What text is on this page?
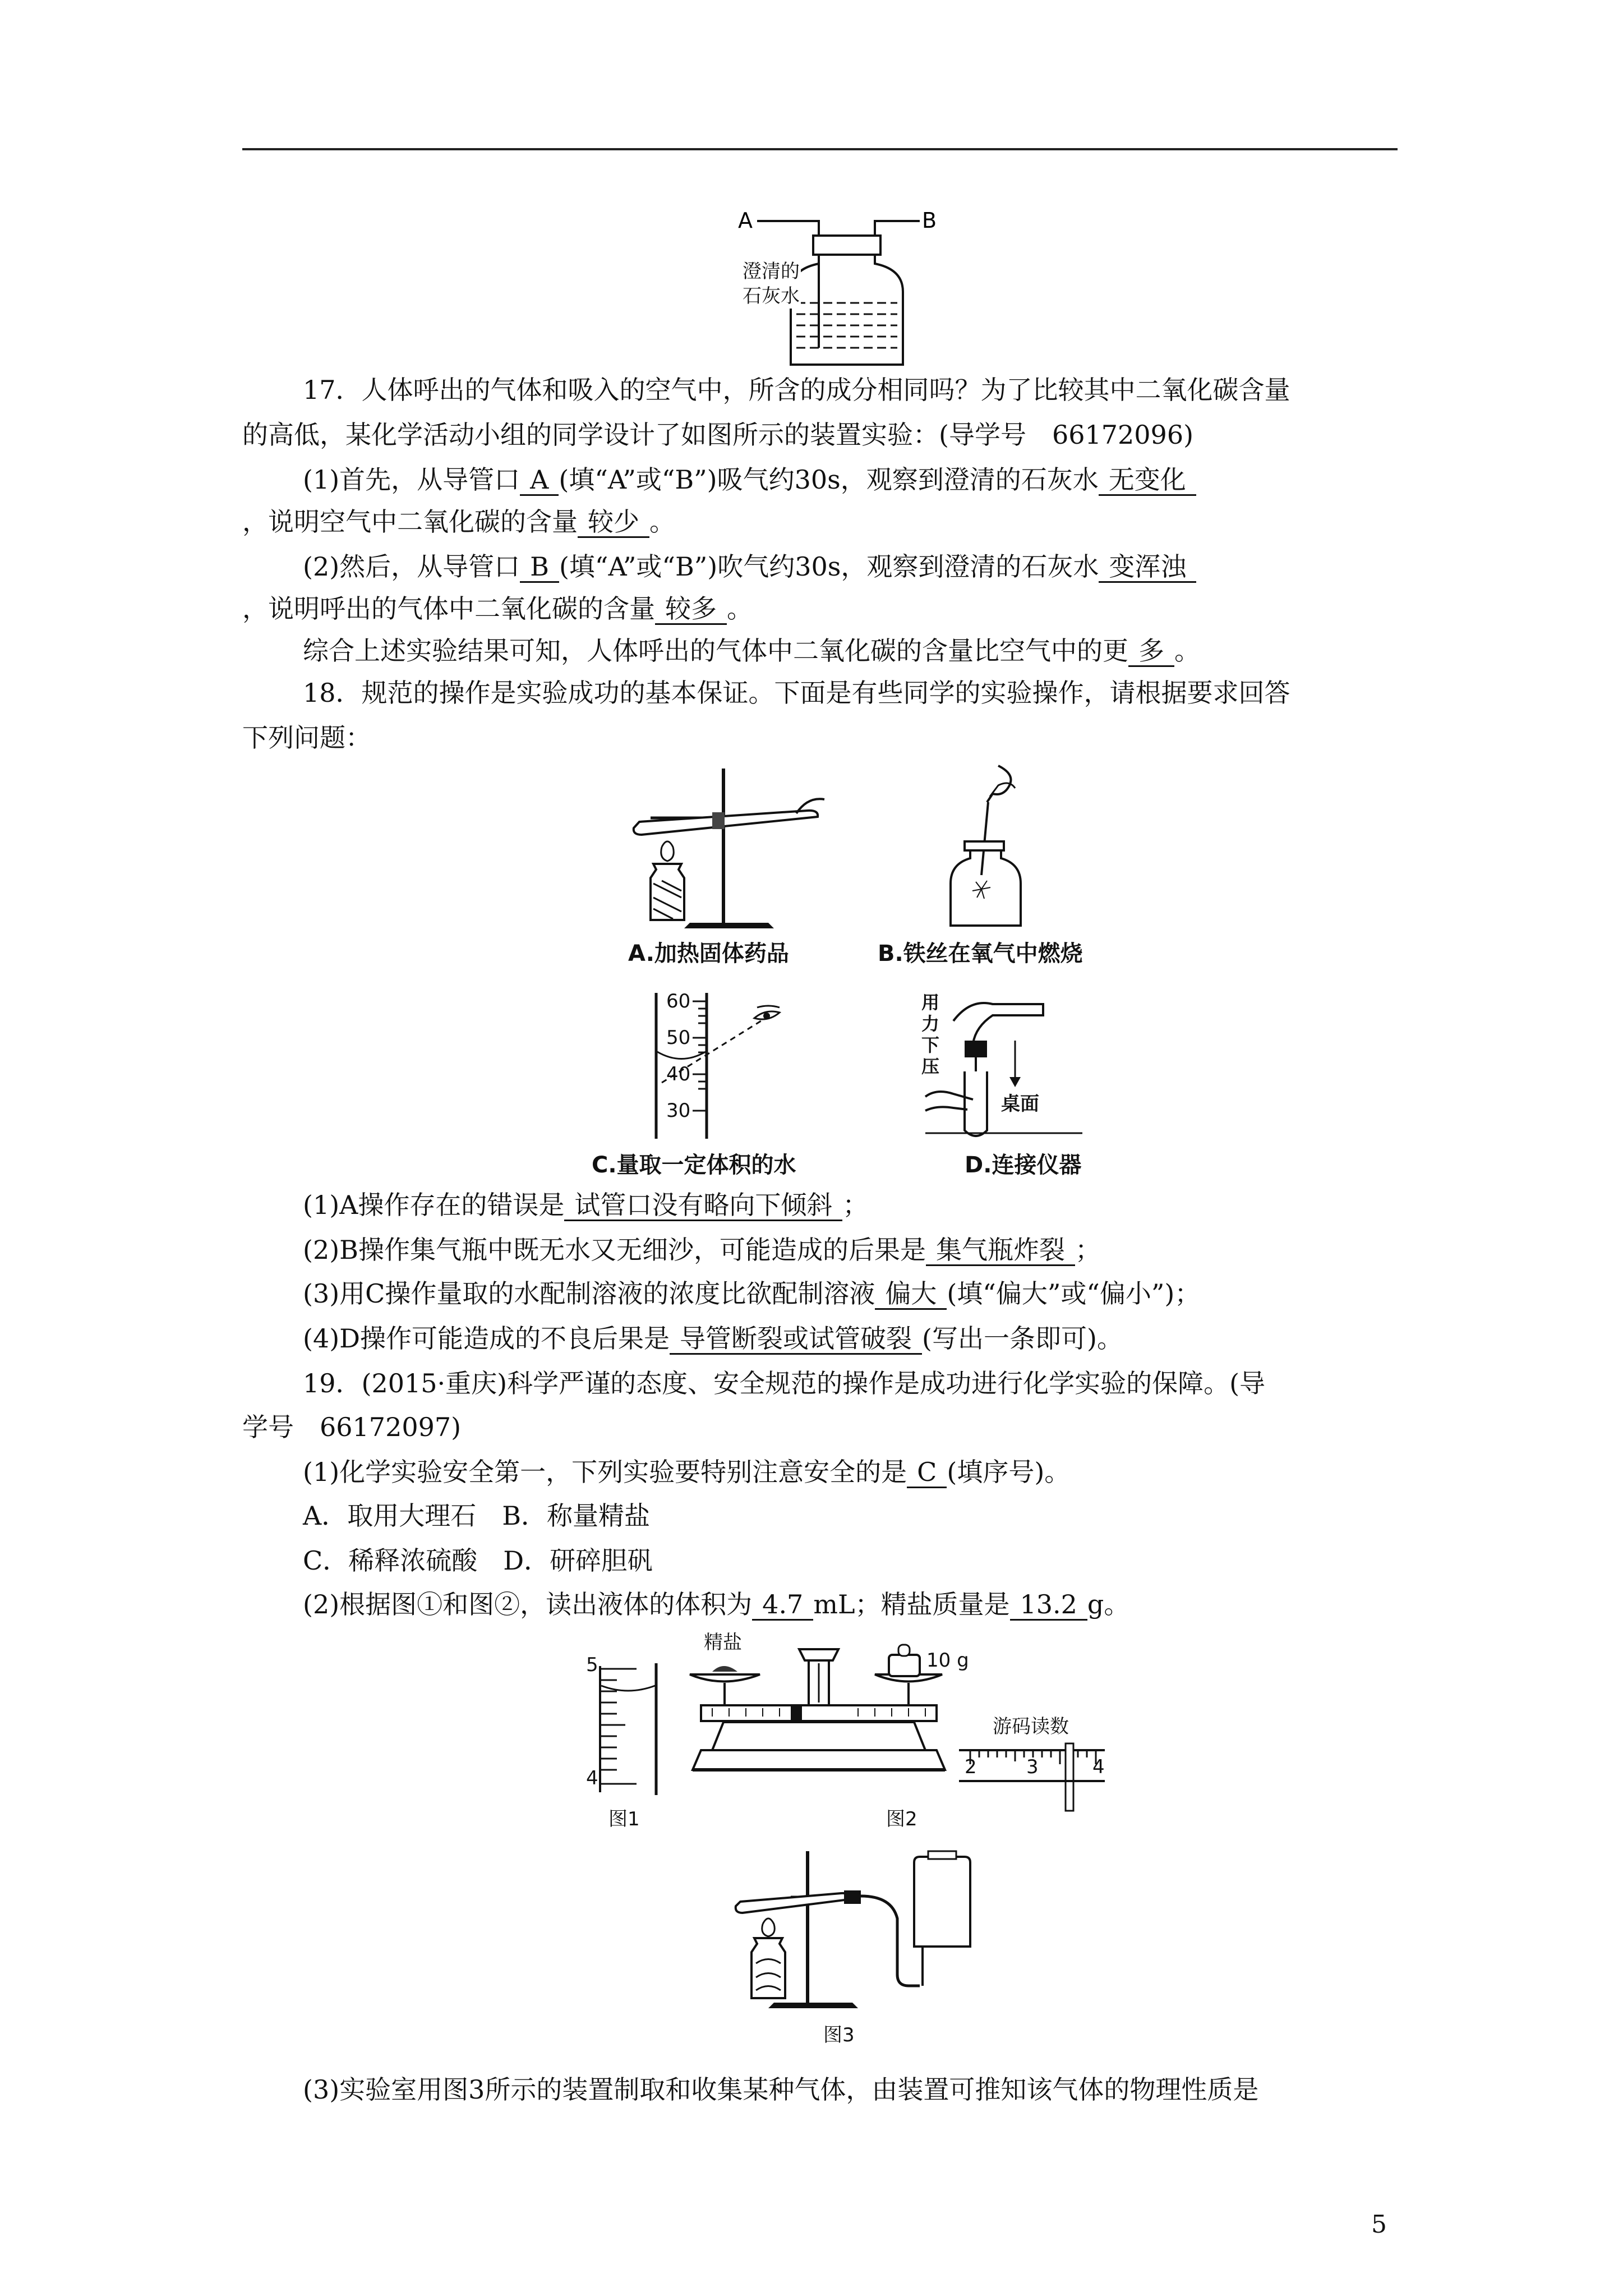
A	B
澄清的
石灰水
17．人体呼出的气体和吸入的空气中，所含的成分相同吗？为了比较其中二氧化碳含量
的高低，某化学活动小组的同学设计了如图所示的装置实验：(导学号　66172096)
(1)首先，从导管口 A (填“A”或“B”)吸气约30s，观察到澄清的石灰水 无变化
，说明空气中二氧化碳的含量 较少 。
(2)然后，从导管口 B (填“A”或“B”)吹气约30s，观察到澄清的石灰水 变浑浊
，说明呼出的气体中二氧化碳的含量 较多 。
综合上述实验结果可知，人体呼出的气体中二氧化碳的含量比空气中的更 多 。
18．规范的操作是实验成功的基本保证。下面是有些同学的实验操作，请根据要求回答
下列问题：
A.加热固体药品	B.铁丝在氧气中燃烧
60
50
40
30
C.量取一定体积的水
用
力
下
压
桌面
D.连接仪器
(1)A操作存在的错误是 试管口没有略向下倾斜 ；
(2)B操作集气瓶中既无水又无细沙，可能造成的后果是 集气瓶炸裂 ；
(3)用C操作量取的水配制溶液的浓度比欲配制溶液 偏大 (填“偏大”或“偏小”)；
(4)D操作可能造成的不良后果是 导管断裂或试管破裂 (写出一条即可)。
19．(2015·重庆)科学严谨的态度、安全规范的操作是成功进行化学实验的保障。(导
学号　66172097)
(1)化学实验安全第一，下列实验要特别注意安全的是 C (填序号)。
A．取用大理石　B．称量精盐
C．稀释浓硫酸　D．研碎胆矾
(2)根据图①和图②，读出液体的体积为 4.7 mL；精盐质量是 13.2 g。
5
4
图1
精盐
10 g
图2
游码读数
2	3	4
图3
(3)实验室用图3所示的装置制取和收集某种气体，由装置可推知该气体的物理性质是
5
